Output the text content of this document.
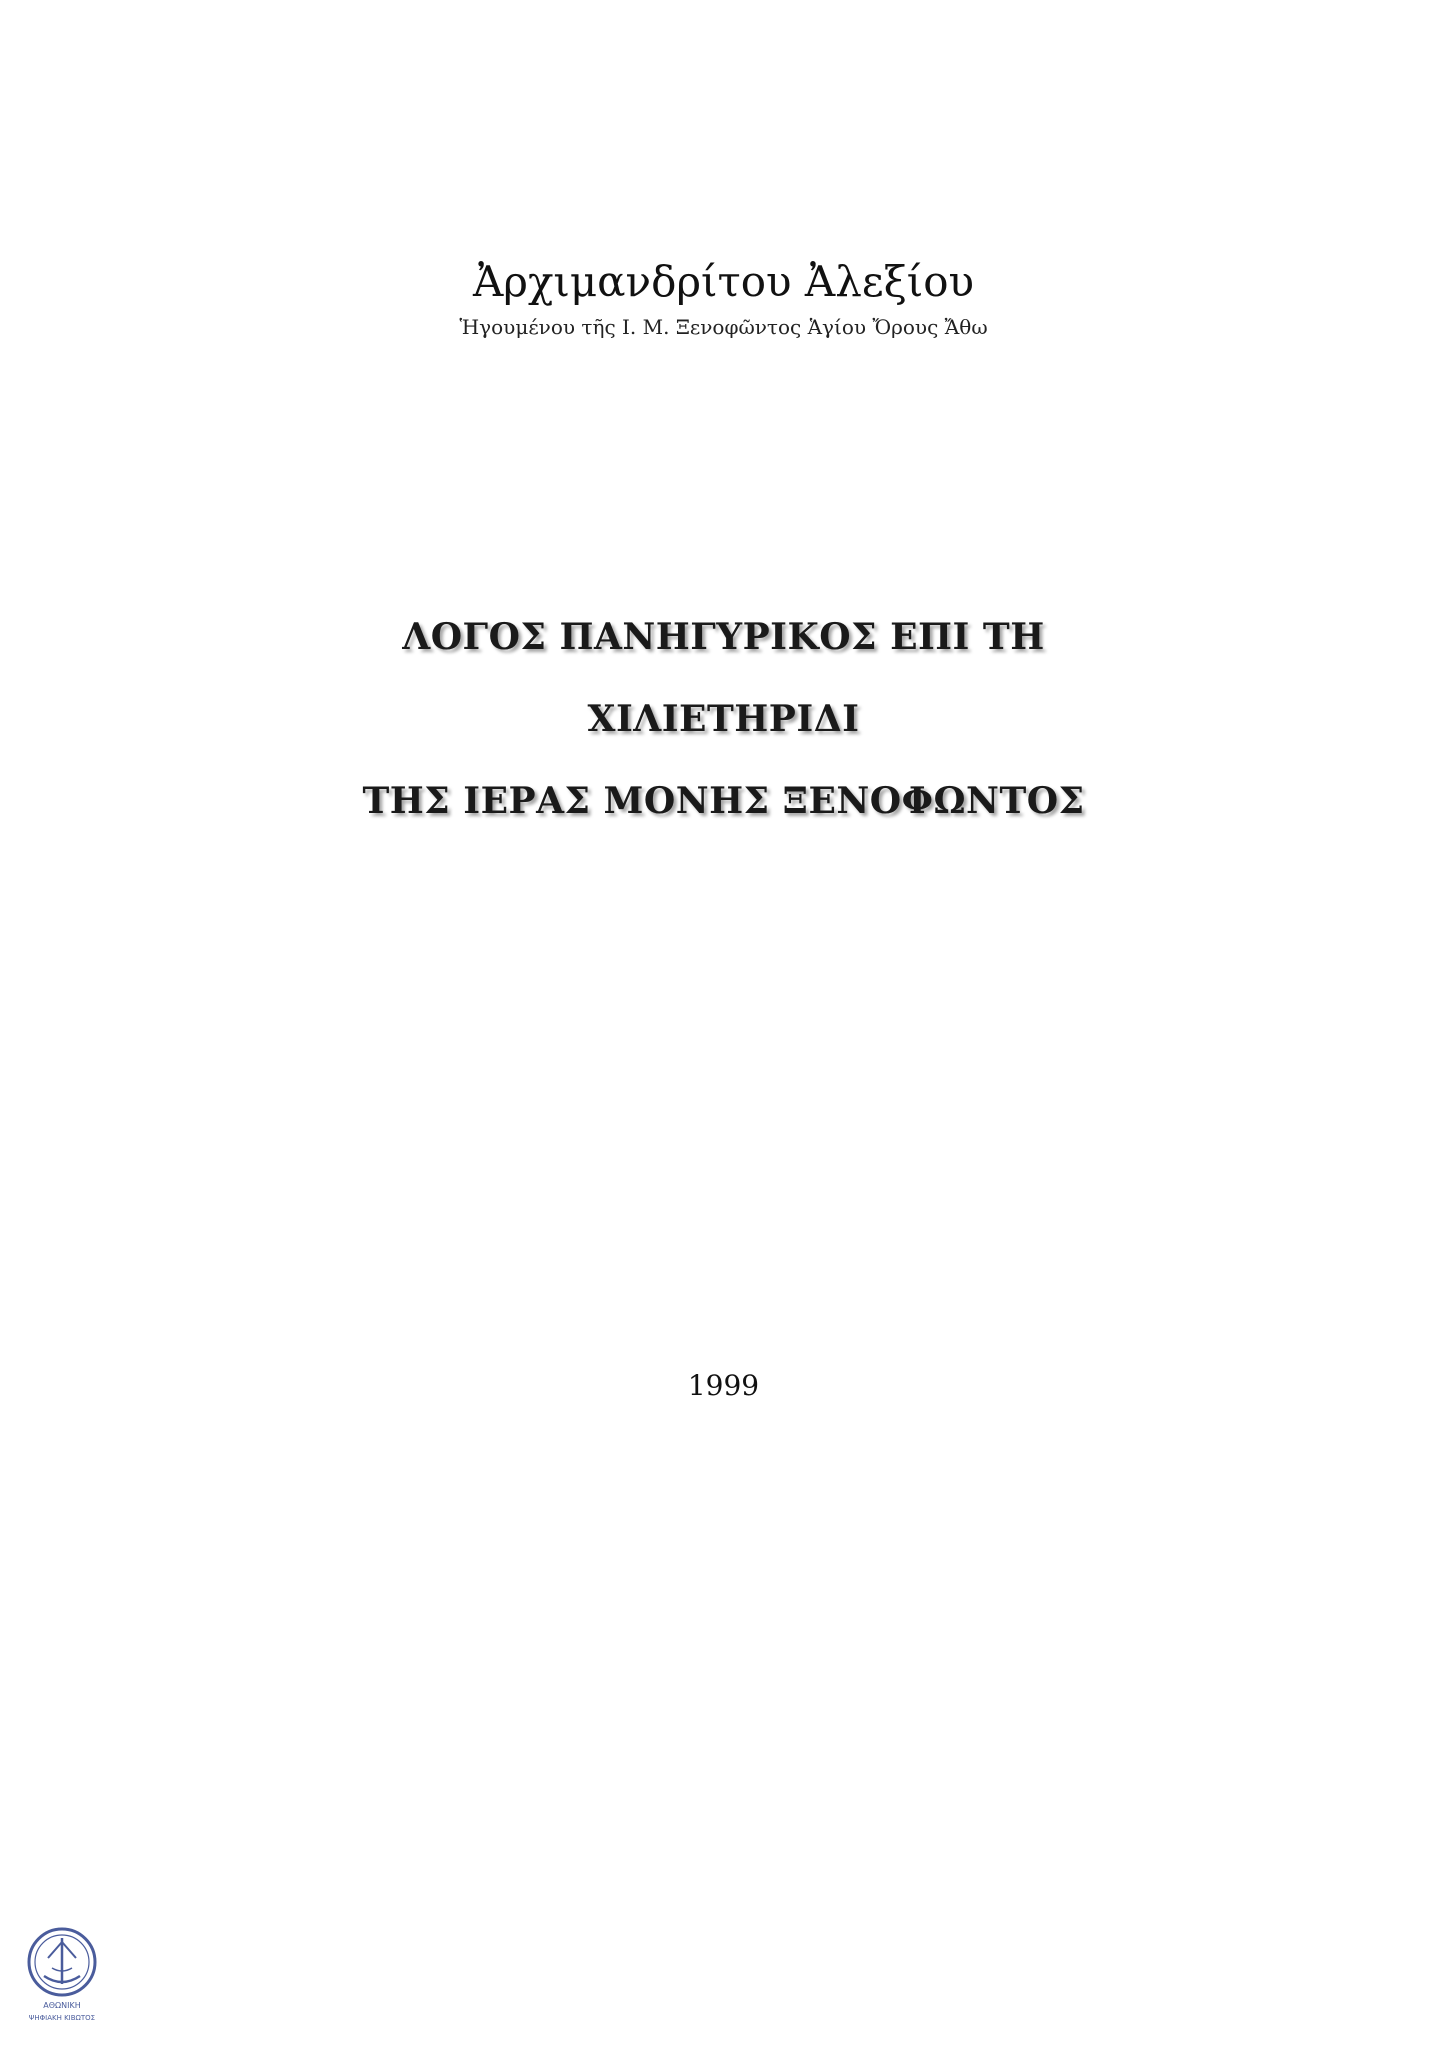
Ἀρχιμανδρίτου Ἀλεξίου

Ἡγουμένου τῆς Ι. Μ. Ξενοφῶντος Ἁγίου Ὄρους Ἄθω

ΛΟΓΟΣ ΠΑΝΗΓΥΡΙΚΟΣ ΕΠΙ ΤΗ

ΧΙΛΙΕΤΗΡΙΔΙ

ΤΗΣ ΙΕΡΑΣ ΜΟΝΗΣ ΞΕΝΟΦΩΝΤΟΣ

1999
ΑΘΩΝΙΚΗ
ΨΗΦΙΑΚΗ ΚΙΒΩΤΟΣ
